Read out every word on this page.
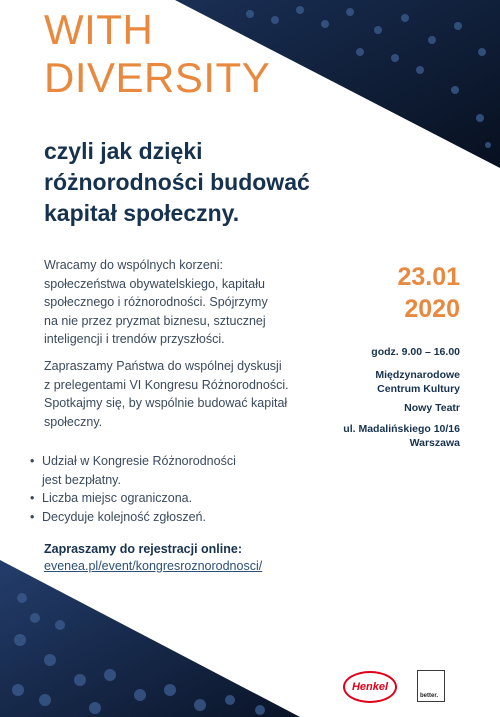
WITH
DIVERSITY
czyli jak dzięki
różnorodności budować
kapitał społeczny.

Wracamy do wspólnych korzeni:
społeczeństwa obywatelskiego, kapitału
społecznego i różnorodności. Spójrzymy
na nie przez pryzmat biznesu, sztucznej
inteligencji i trendów przyszłości.

Zapraszamy Państwa do wspólnej dyskusji
z prelegentami VI Kongresu Różnorodności.
Spotkajmy się, by wspólnie budować kapitał
społeczny.

• Udział w Kongresie Różnorodności
jest bezpłatny.
• Liczba miejsc ograniczona.
• Decyduje kolejność zgłoszeń.

Zapraszamy do rejestracji online:

evenea.pl/event/kongresroznorodnosci/

23.01

2020

godz. 9.00 – 16.00

Międzynarodowe

Centrum Kultury

Nowy Teatr

ul. Madalińskiego 10/16

Warszawa

Henkel
better.
